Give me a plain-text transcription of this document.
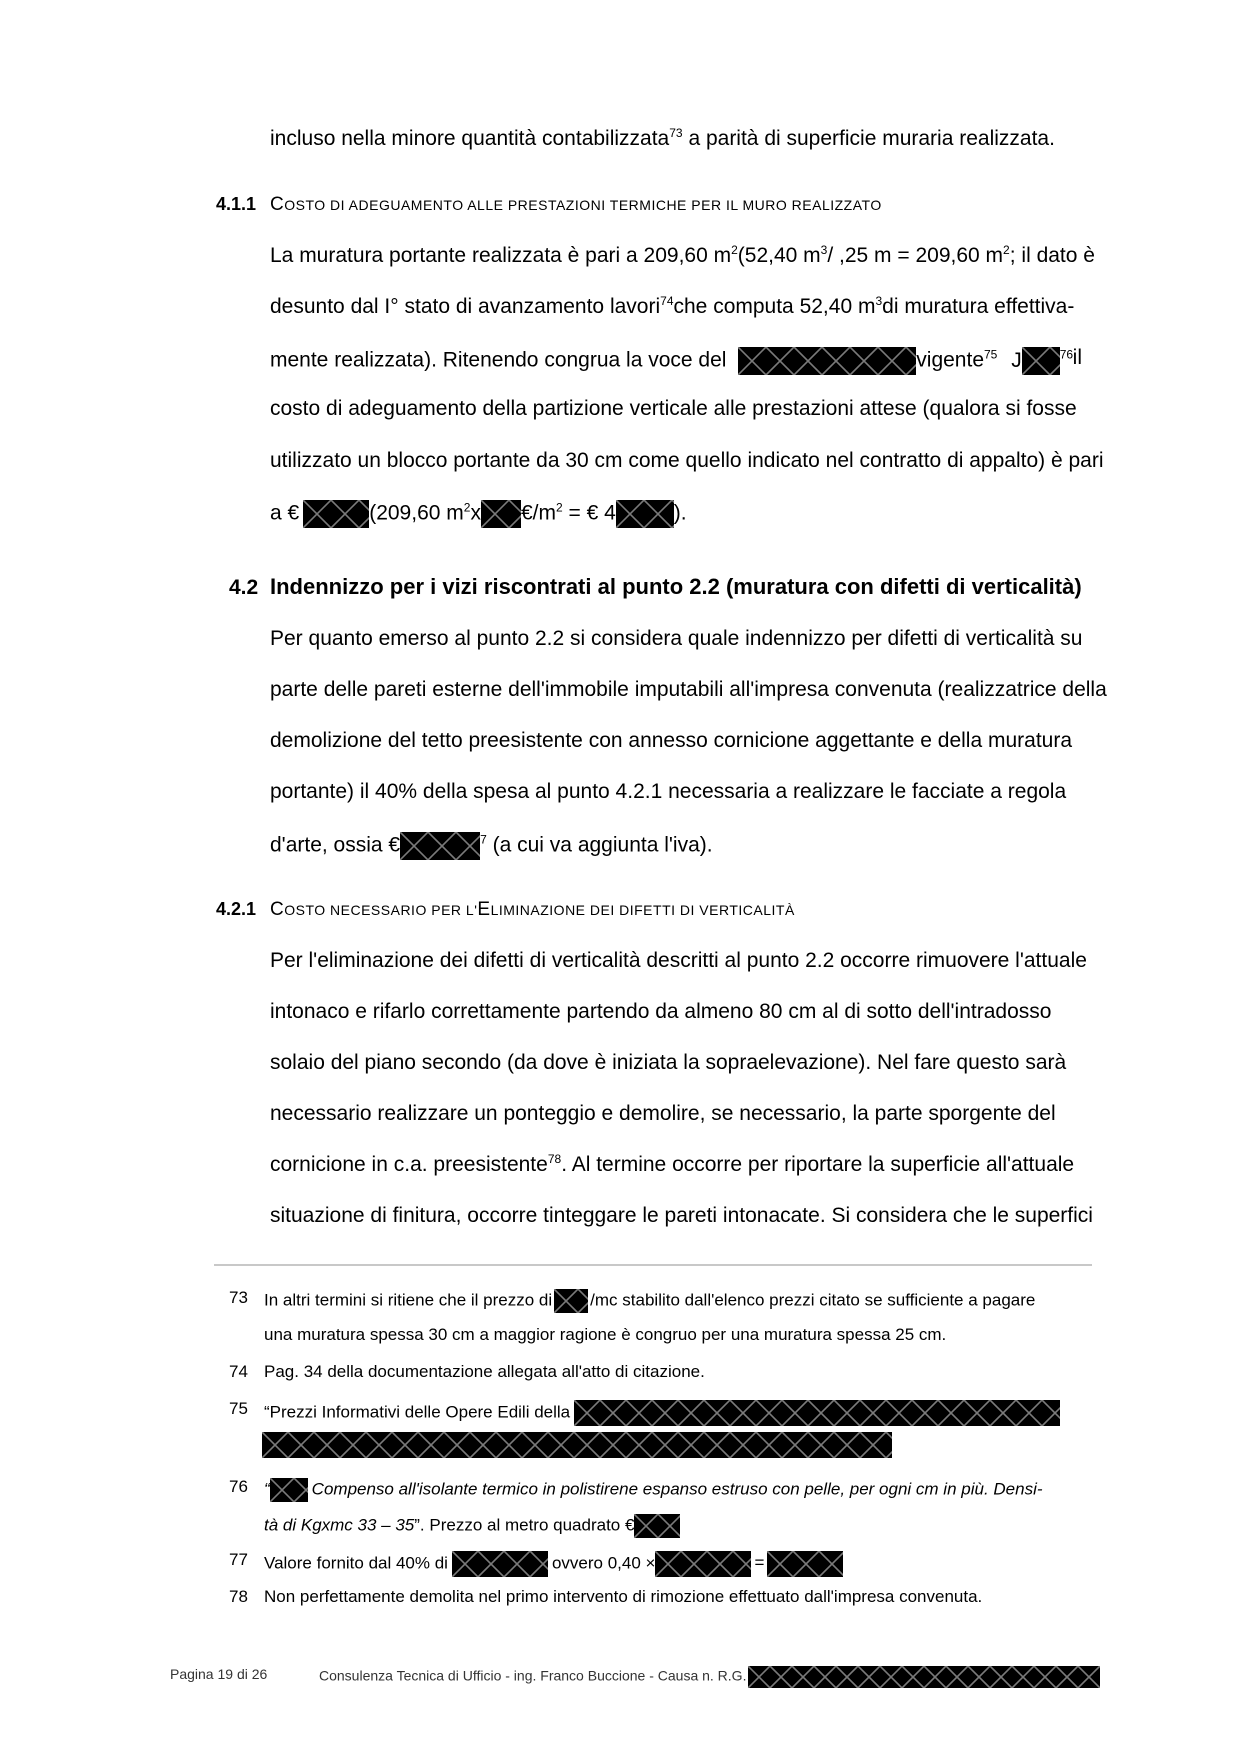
incluso nella minore quantità contabilizzata$^{73}$ a parità di superficie muraria realizzata.
4.1.1 COSTO DI ADEGUAMENTO ALLE PRESTAZIONI TERMICHE PER IL MURO REALIZZATO
La muratura portante realizzata è pari a 209,60 $m^2(52,40$ $m^3/$ ,25 m = 209,60 $m^2$; il dato è
desunto dal I° stato di avanzamento lavori$^{74}$che computa 52,40 $m^3di$ muratura effettiva-
mente realizzata). Ritenendo congrua la voce del	vigente$^{75}$ J	$^{76}$ il
costo di adeguamento della partizione verticale alle prestazioni attese (qualora si fosse
utilizzato un blocco portante da 30 cm come quello indicato nel contratto di appalto) è pari
a €	(209,60 $m^2x$ $€/m^2$ = € 4	).
4.2 Indennizzo per i vizi riscontrati al punto 2.2 (muratura con difetti di verticalità)
Per quanto emerso al punto 2.2 si considera quale indennizzo per difetti di verticalità su
parte delle pareti esterne dell'immobile imputabili all'impresa convenuta (realizzatrice della
demolizione del tetto preesistente con annesso cornicione aggettante e della muratura
portante) il 40% della spesa al punto 4.2.1 necessaria a realizzare le facciate a regola
d'arte, ossia €	$^7$ (a cui va aggiunta l'iva).
4.2.1 COSTO NECESSARIO PER L'ELIMINAZIONE DEI DIFETTI DI VERTICALITÀ
Per l'eliminazione dei difetti di verticalità descritti al punto 2.2 occorre rimuovere l'attuale
intonaco e rifarlo correttamente partendo da almeno 80 cm al di sotto dell'intradosso
solaio del piano secondo (da dove è iniziata la sopraelevazione). Nel fare questo sarà
necessario realizzare un ponteggio e demolire, se necessario, la parte sporgente del
cornicione in c.a. preesistente$^{78}$. Al termine occorre per riportare la superficie all'attuale
situazione di finitura, occorre tinteggare le pareti intonacate. Si considera che le superfici
73 In altri termini si ritiene che il prezzo di /mc stabilito dall'elenco prezzi citato se sufficiente a pagare
una muratura spessa 30 cm a maggior ragione è congruo per una muratura spessa 25 cm.
74 Pag. 34 della documentazione allegata all'atto di citazione.
75 “Prezzi Informativi delle Opere Edili della
76 “ Compenso all'isolante termico in polistirene espanso estruso con pelle, per ogni cm in più. Densi-
tà di Kgxmc 33 – 35”. Prezzo al metro quadrato €
77 Valore fornito dal 40% di	ovvero 0,40 ×	=
78 Non perfettamente demolita nel primo intervento di rimozione effettuato dall'impresa convenuta.
Pagina 19 di 26	Consulenza Tecnica di Ufficio - ing. Franco Buccione - Causa n. R.G.
